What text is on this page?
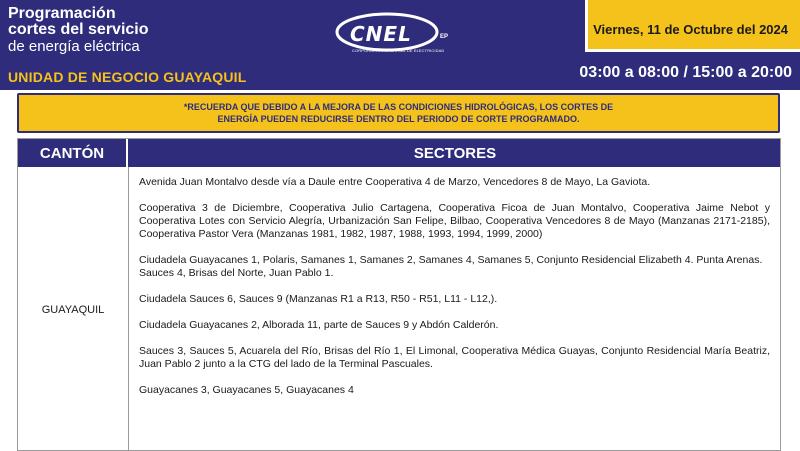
Programación
cortes del servicio
de energía eléctrica
UNIDAD DE NEGOCIO GUAYAQUIL
CNEL	EP
CORPORACIÓN NACIONAL DE ELECTRICIDAD
Viernes, 11 de Octubre del 2024
03:00 a 08:00 / 15:00 a 20:00
*RECUERDA QUE DEBIDO A LA MEJORA DE LAS CONDICIONES HIDROLÓGICAS, LOS CORTES DE ENERGÍA PUEDEN REDUCIRSE DENTRO DEL PERIODO DE CORTE PROGRAMADO.
CANTÓN	SECTORES
GUAYAQUIL

Avenida Juan Montalvo desde vía a Daule entre Cooperativa 4 de Marzo, Vencedores 8 de Mayo, La Gaviota.

Cooperativa 3 de Diciembre, Cooperativa Julio Cartagena, Cooperativa Ficoa de Juan Montalvo, Cooperativa Jaime Nebot y Cooperativa Lotes con Servicio Alegría, Urbanización San Felipe, Bilbao, Cooperativa Vencedores 8 de Mayo (Manzanas 2171-2185), Cooperativa Pastor Vera (Manzanas 1981, 1982, 1987, 1988, 1993, 1994, 1999, 2000)

Ciudadela Guayacanes 1, Polaris, Samanes 1, Samanes 2, Samanes 4, Samanes 5, Conjunto Residencial Elizabeth 4. Punta Arenas.

Sauces 4, Brisas del Norte, Juan Pablo 1.

Ciudadela Sauces 6, Sauces 9 (Manzanas R1 a R13, R50 - R51, L11 - L12,).

Ciudadela Guayacanes 2, Alborada 11, parte de Sauces 9 y Abdón Calderón.

Sauces 3, Sauces 5, Acuarela del Río, Brisas del Río 1, El Limonal, Cooperativa Médica Guayas, Conjunto Residencial María Beatriz, Juan Pablo 2 junto a la CTG del lado de la Terminal Pascuales.

Guayacanes 3, Guayacanes 5, Guayacanes 4
